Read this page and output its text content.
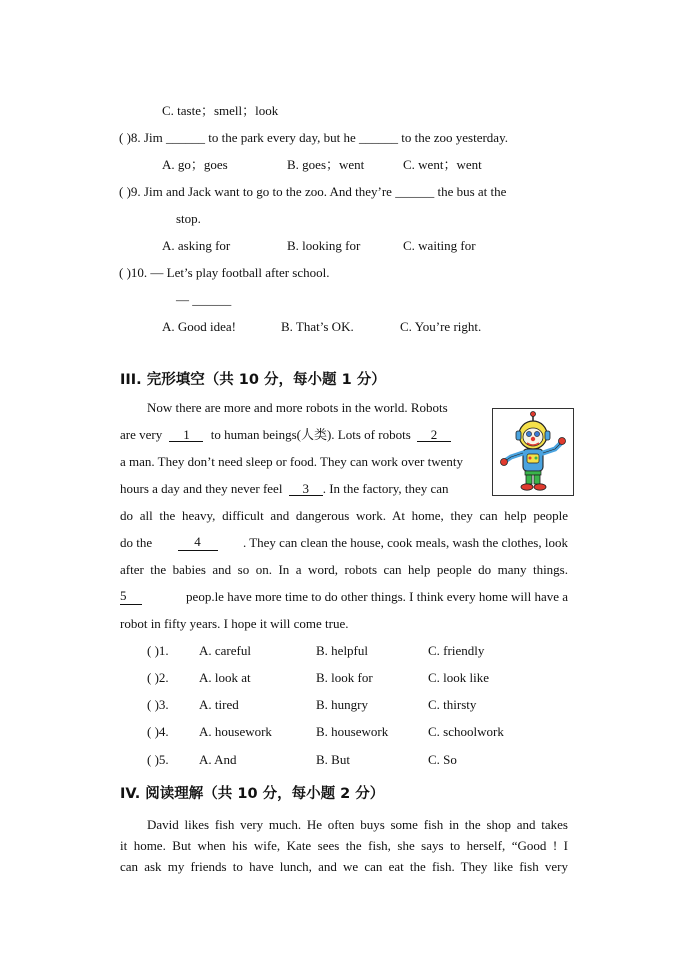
C. taste；smell；look
( )8. Jim ______ to the park every day, but he ______ to the zoo yesterday.
A. go；goes	B. goes；went	C. went；went
( )9. Jim and Jack want to go to the zoo. And they’re ______ the bus at the
stop.
A. asking for	B. looking for	C. waiting for
( )10. — Let’s play football after school.
— ______
A. Good idea!	B. That’s OK.	C. You’re right.
III. 完形填空（共 10 分，每小题 1 分）
Now there are more and more robots in the world. Robots
are very 1 to human beings(人类). Lots of robots 2
a man. They don’t need sleep or food. They can work over twenty
hours a day and they never feel 3 . In the factory, they can
do all the heavy, difficult and dangerous work. At home, they can help people
do the	4	. They can clean the house, cook meals, wash the clothes, look
after the babies and so on. In a word, robots can help people do many things.
5	peop.le have more time to do other things. I think every home will have a
robot in fifty years. I hope it will come true.
( )1. A. careful	B. helpful	C. friendly
( )2. A. look at	B. look for	C. look like
( )3. A. tired	B. hungry	C. thirsty
( )4. A. housework	B. housework	C. schoolwork
( )5. A. And	B. But	C. So
IV. 阅读理解（共 10 分，每小题 2 分）
David likes fish very much. He often buys some fish in the shop and takes
it home. But when his wife, Kate sees the fish, she says to herself, “Good ! I
can ask my friends to have lunch, and we can eat the fish. They like fish very
